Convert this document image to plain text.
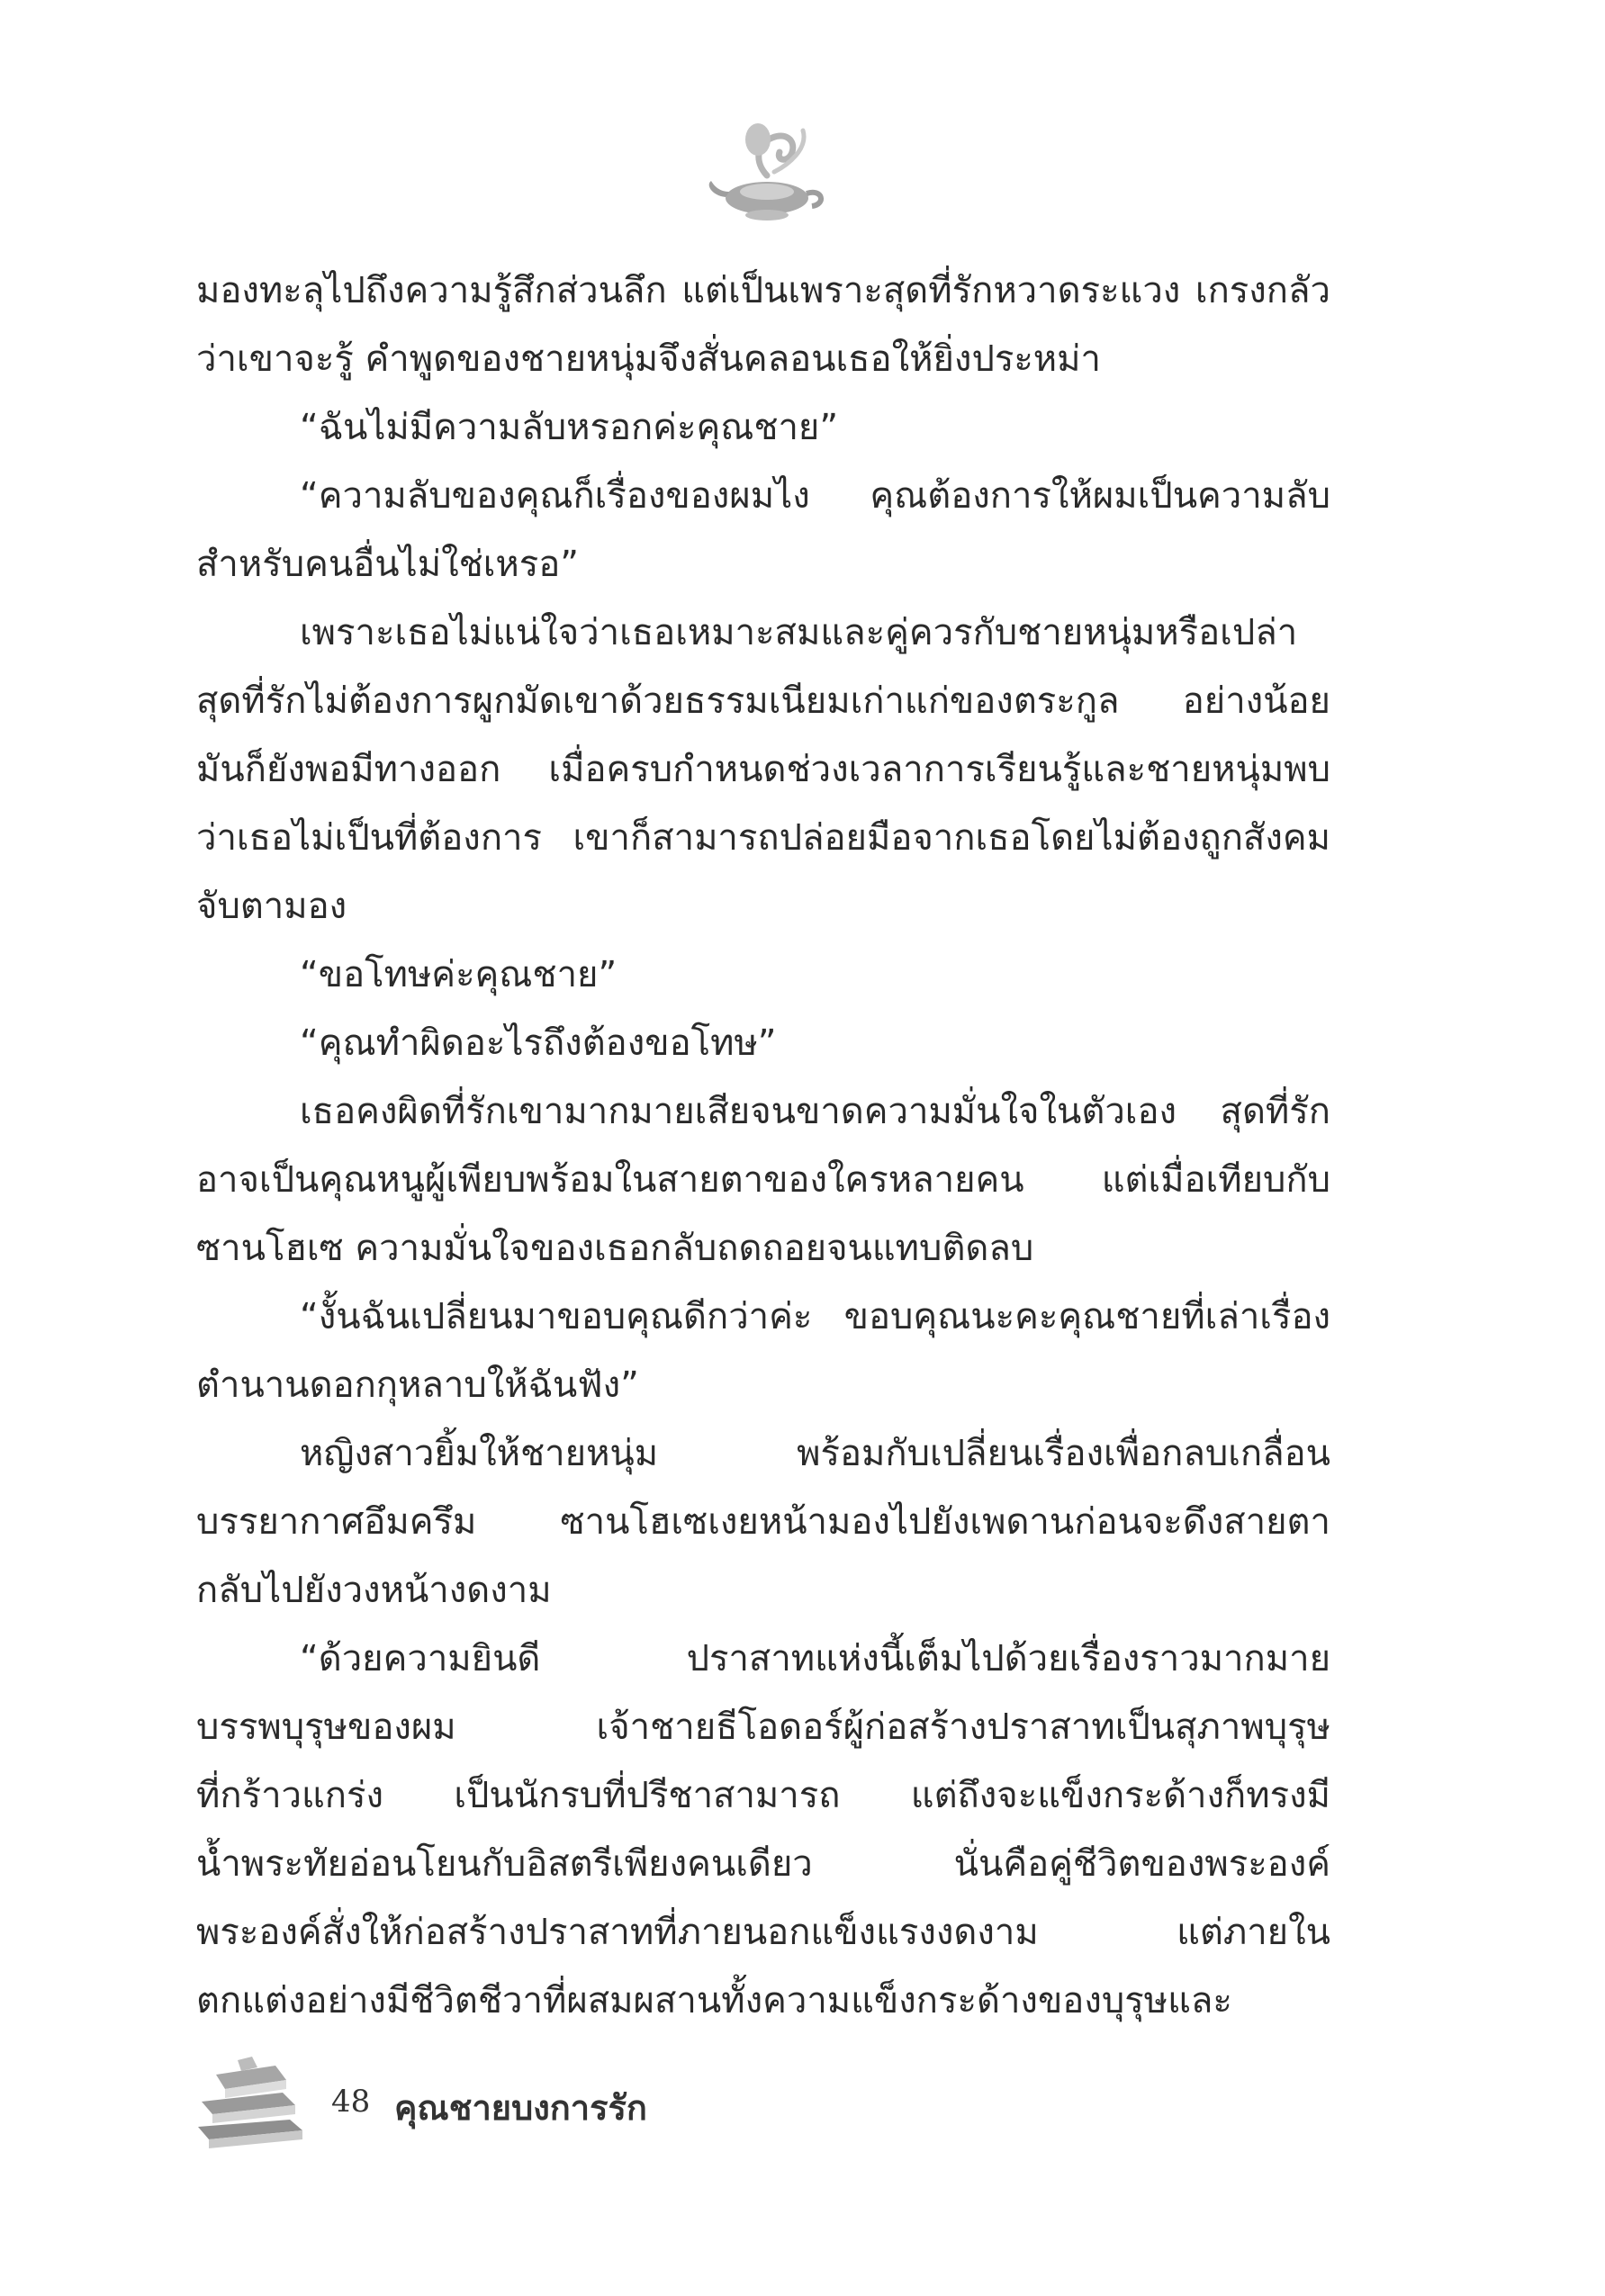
มองทะลุไปถึงความรู้สึกส่วนลึก แต่เป็นเพราะสุดที่รักหวาดระแวง เกรงกลัว
ว่าเขาจะรู้ คำพูดของชายหนุ่มจึงสั่นคลอนเธอให้ยิ่งประหม่า
“ฉันไม่มีความลับหรอกค่ะคุณชาย”
“ความลับของคุณก็เรื่องของผมไง คุณต้องการให้ผมเป็นความลับ
สำหรับคนอื่นไม่ใช่เหรอ”
เพราะเธอไม่แน่ใจว่าเธอเหมาะสมและคู่ควรกับชายหนุ่มหรือเปล่า
สุดที่รักไม่ต้องการผูกมัดเขาด้วยธรรมเนียมเก่าแก่ของตระกูล อย่างน้อย
มันก็ยังพอมีทางออก เมื่อครบกำหนดช่วงเวลาการเรียนรู้และชายหนุ่มพบ
ว่าเธอไม่เป็นที่ต้องการ เขาก็สามารถปล่อยมือจากเธอโดยไม่ต้องถูกสังคม
จับตามอง
“ขอโทษค่ะคุณชาย”
“คุณทำผิดอะไรถึงต้องขอโทษ”
เธอคงผิดที่รักเขามากมายเสียจนขาดความมั่นใจในตัวเอง สุดที่รัก
อาจเป็นคุณหนูผู้เพียบพร้อมในสายตาของใครหลายคน แต่เมื่อเทียบกับ
ซานโฮเซ ความมั่นใจของเธอกลับถดถอยจนแทบติดลบ
“งั้นฉันเปลี่ยนมาขอบคุณดีกว่าค่ะ ขอบคุณนะคะคุณชายที่เล่าเรื่อง
ตำนานดอกกุหลาบให้ฉันฟัง”
หญิงสาวยิ้มให้ชายหนุ่ม พร้อมกับเปลี่ยนเรื่องเพื่อกลบเกลื่อน
บรรยากาศอึมครึม ซานโฮเซเงยหน้ามองไปยังเพดานก่อนจะดึงสายตา
กลับไปยังวงหน้างดงาม
“ด้วยความยินดี ปราสาทแห่งนี้เต็มไปด้วยเรื่องราวมากมาย
บรรพบุรุษของผม เจ้าชายธีโอดอร์ผู้ก่อสร้างปราสาทเป็นสุภาพบุรุษ
ที่กร้าวแกร่ง เป็นนักรบที่ปรีชาสามารถ แต่ถึงจะแข็งกระด้างก็ทรงมี
น้ำพระทัยอ่อนโยนกับอิสตรีเพียงคนเดียว นั่นคือคู่ชีวิตของพระองค์
พระองค์สั่งให้ก่อสร้างปราสาทที่ภายนอกแข็งแรงงดงาม แต่ภายใน
ตกแต่งอย่างมีชีวิตชีวาที่ผสมผสานทั้งความแข็งกระด้างของบุรุษและ
48 คุณชายบงการรัก
